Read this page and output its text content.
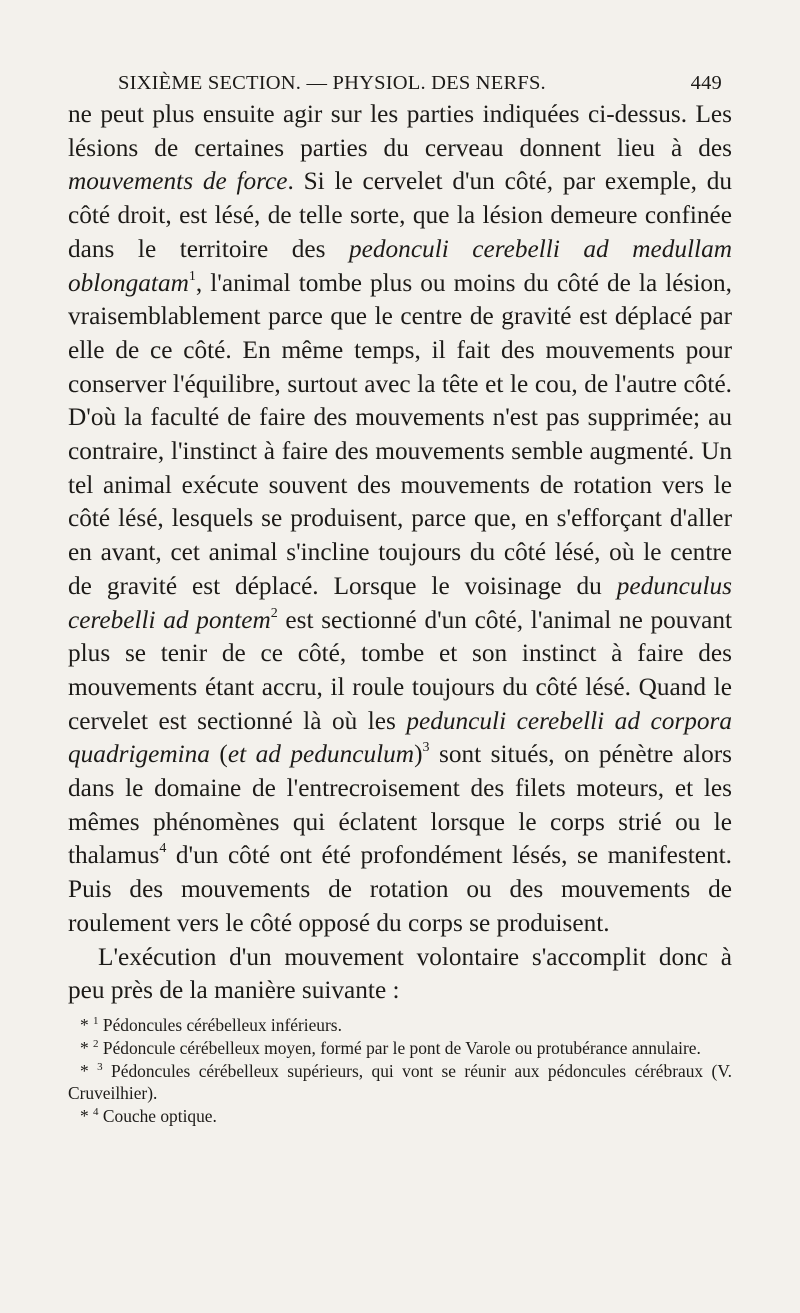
SIXIÈME SECTION. — PHYSIOL. DES NERFS.	449

ne peut plus ensuite agir sur les parties indiquées ci-dessus. Les lésions de certaines parties du cerveau donnent lieu à des mouvements de force. Si le cervelet d'un côté, par exemple, du côté droit, est lésé, de telle sorte, que la lésion demeure confinée dans le territoire des pedonculi cerebelli ad medullam oblongatam$^1$, l'animal tombe plus ou moins du côté de la lésion, vraisemblablement parce que le centre de gravité est déplacé par elle de ce côté. En même temps, il fait des mouvements pour conserver l'équilibre, surtout avec la tête et le cou, de l'autre côté. D'où la faculté de faire des mouvements n'est pas supprimée; au contraire, l'instinct à faire des mouvements semble augmenté. Un tel animal exécute souvent des mouvements de rotation vers le côté lésé, lesquels se produisent, parce que, en s'efforçant d'aller en avant, cet animal s'incline toujours du côté lésé, où le centre de gravité est déplacé. Lorsque le voisinage du pedunculus cerebelli ad pontem$^2$ est sectionné d'un côté, l'animal ne pouvant plus se tenir de ce côté, tombe et son instinct à faire des mouvements étant accru, il roule toujours du côté lésé. Quand le cervelet est sectionné là où les pedunculi cerebelli ad corpora quadrigemina (et ad pedunculum)$^3$ sont situés, on pénètre alors dans le domaine de l'entrecroisement des filets moteurs, et les mêmes phénomènes qui éclatent lorsque le corps strié ou le thalamus$^4$ d'un côté ont été profondément lésés, se manifestent. Puis des mouvements de rotation ou des mouvements de roulement vers le côté opposé du corps se produisent.

L'exécution d'un mouvement volontaire s'accomplit donc à peu près de la manière suivante :

* $^1$ Pédoncules cérébelleux inférieurs.

* $^2$ Pédoncule cérébelleux moyen, formé par le pont de Varole ou protubérance annulaire.

* $^3$ Pédoncules cérébelleux supérieurs, qui vont se réunir aux pédoncules cérébraux (V. Cruveilhier).

* $^4$ Couche optique.
